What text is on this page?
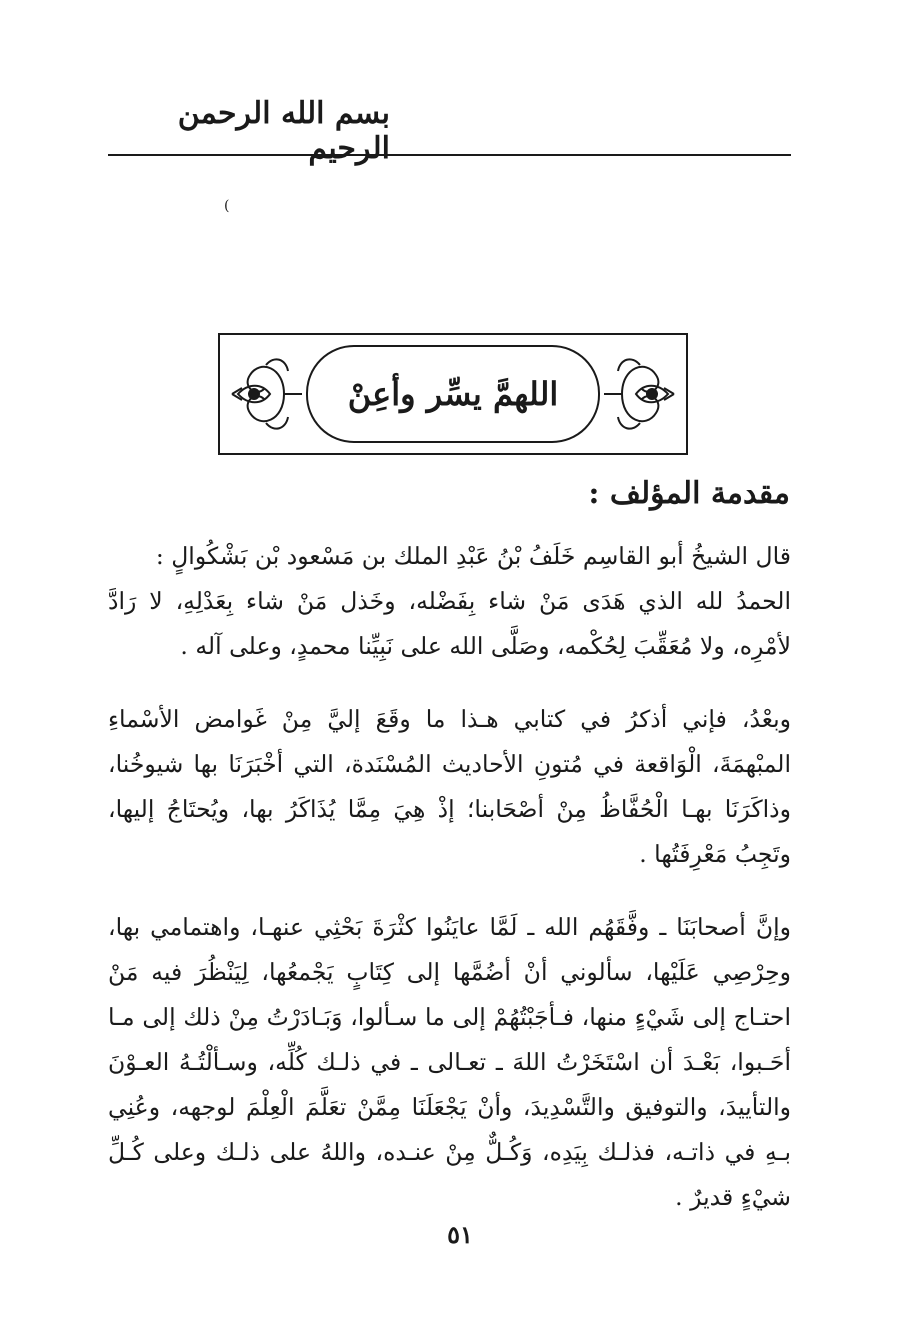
بسم الله الرحمن الرحيم
(
اللهمَّ يسِّر وأعِنْ
مقدمة المؤلف :

قال الشيخُ أبو القاسِم خَلَفُ بْنُ عَبْدِ الملك بن مَسْعود بْن بَشْكُوالٍ :

الحمدُ لله الذي هَدَى مَنْ شاء بِفَضْله، وخَذل مَنْ شاء بِعَدْلِهِ، لا رَادَّ لأمْرِه، ولا مُعَقِّبَ لِحُكْمه، وصَلَّى الله على نَبِيِّنا محمدٍ، وعلى آله .

وبعْدُ، فإني أذكرُ في كتابي هـذا ما وقَعَ إليَّ مِنْ غَوامض الأسْماءِ المبْهمَةَ، الْوَاقعة في مُتونِ الأحاديث المُسْنَدة، التي أخْبَرَنَا بها شيوخُنا، وذاكَرَنَا بهـا الْحُفَّاظُ مِنْ أصْحَابنا؛ إذْ هِيَ مِمَّا يُذَاكَرُ بها، ويُحتَاجُ إليها، وتَجِبُ مَعْرِفَتُها .

وإنَّ أصحابَنَا ـ وفَّقَهُم الله ـ لَمَّا عايَنُوا كثْرَةَ بَحْثِي عنهـا، واهتمامي بها، وحِرْصِي عَلَيْها، سألوني أنْ أضُمَّها إلى كِتَابٍ يَجْمعُها، لِيَنْظُرَ فيه مَنْ احتـاج إلى شَيْءٍ منها، فـأجَبْتُهُمْ إلى ما سـألوا، وَبَـادَرْتُ مِنْ ذلك إلى مـا أحَـبوا، بَعْـدَ أن اسْتَخَرْتُ اللهَ ـ تعـالى ـ في ذلـك كُلِّه، وسـألْتُـهُ العـوْنَ والتأييدَ، والتوفيق والتَّسْدِيدَ، وأنْ يَجْعَلَنَا مِمَّنْ تعَلَّمَ الْعِلْمَ لوجهه، وعُنِي بـهِ في ذاتـه، فذلـك بِيَدِه، وَكُـلٌّ مِنْ عنـده، واللهُ على ذلـك وعلى كُـلِّ شيْءٍ قديرٌ .

٥١
